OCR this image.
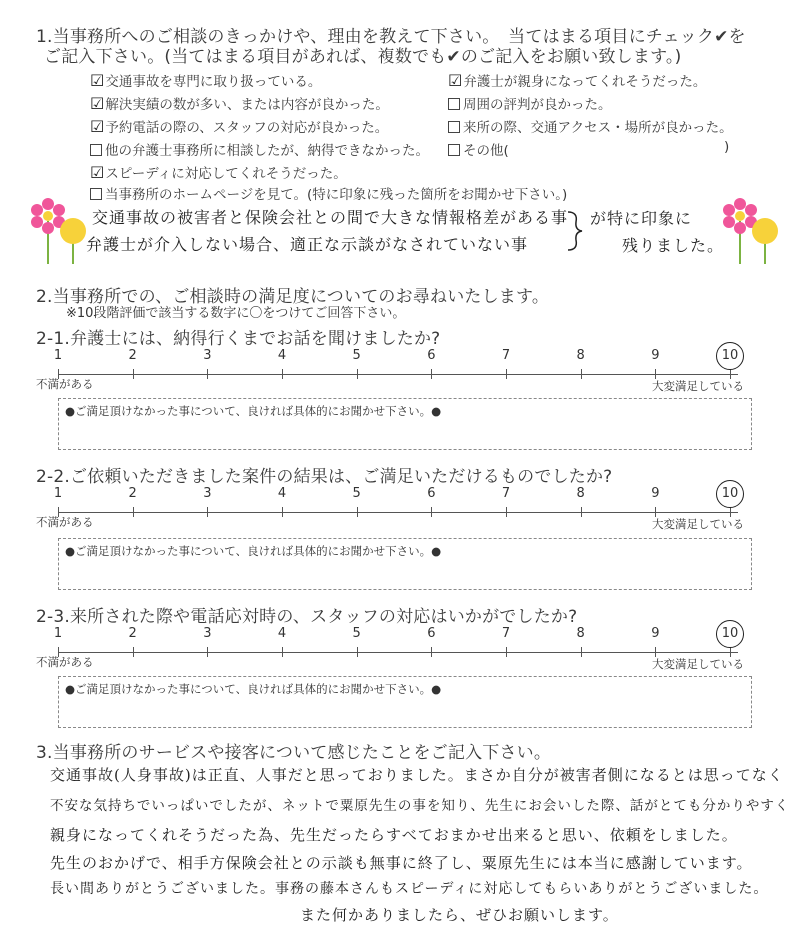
1.当事務所へのご相談のきっかけや、理由を教えて下さい。　当てはまる項目にチェック✔を
ご記入下さい。(当てはまる項目があれば、複数でも✔のご記入をお願い致します。)
☑交通事故を専門に取り扱っている。
☑解決実績の数が多い、または内容が良かった。
☑予約電話の際の、スタッフの対応が良かった。
他の弁護士事務所に相談したが、納得できなかった。
☑スピーディに対応してくれそうだった。
当事務所のホームページを見て。(特に印象に残った箇所をお聞かせ下さい。)
☑弁護士が親身になってくれそうだった。
周囲の評判が良かった。
来所の際、交通アクセス・場所が良かった。
その他(	)
交通事故の被害者と保険会社との間で大きな情報格差がある事
弁護士が介入しない場合、適正な示談がなされていない事
が特に印象に
残りました。
2.当事務所での、ご相談時の満足度についてのお尋ねいたします。
※10段階評価で該当する数字に〇をつけてご回答下さい。
2-1.弁護士には、納得行くまでお話を聞けましたか?
1	2	3	4	5	6	7	8	9	10
不満がある	大変満足している
●ご満足頂けなかった事について、良ければ具体的にお聞かせ下さい。●
2-2.ご依頼いただきました案件の結果は、ご満足いただけるものでしたか?
1	2	3	4	5	6	7	8	9	10
不満がある	大変満足している
●ご満足頂けなかった事について、良ければ具体的にお聞かせ下さい。●
2-3.来所された際や電話応対時の、スタッフの対応はいかがでしたか?
1	2	3	4	5	6	7	8	9	10
不満がある	大変満足している
●ご満足頂けなかった事について、良ければ具体的にお聞かせ下さい。●
3.当事務所のサービスや接客について感じたことをご記入下さい。
交通事故(人身事故)は正直、人事だと思っておりました。まさか自分が被害者側になるとは思ってなく
不安な気持ちでいっぱいでしたが、ネットで粟原先生の事を知り、先生にお会いした際、話がとても分かりやすく
親身になってくれそうだった為、先生だったらすべておまかせ出来ると思い、依頼をしました。
先生のおかげで、相手方保険会社との示談も無事に終了し、粟原先生には本当に感謝しています。
長い間ありがとうございました。事務の藤本さんもスピーディに対応してもらいありがとうございました。
また何かありましたら、ぜひお願いします。
